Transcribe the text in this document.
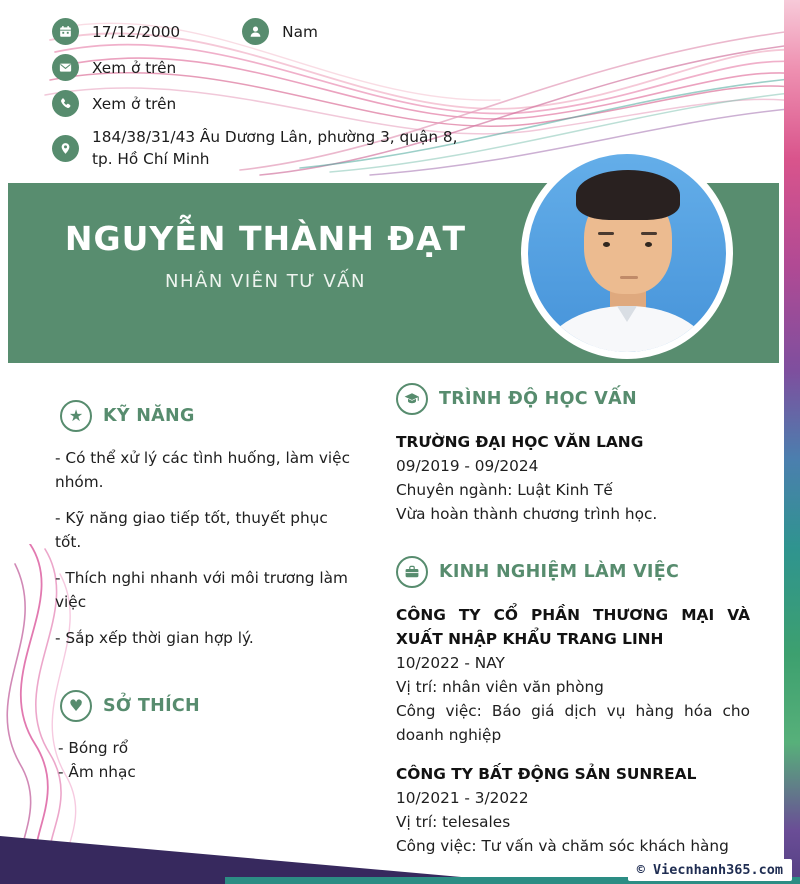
17/12/2000	Nam
Xem ở trên
Xem ở trên
184/38/31/43 Âu Dương Lân, phường 3, quận 8, tp. Hồ Chí Minh
NGUYỄN THÀNH ĐẠT
NHÂN VIÊN TƯ VẤN
★ KỸ NĂNG
- Có thể xử lý các tình huống, làm việc nhóm.
- Kỹ năng giao tiếp tốt, thuyết phục tốt.
- Thích nghi nhanh với môi trương làm việc
- Sắp xếp thời gian hợp lý.
♥ SỞ THÍCH
- Bóng rổ
- Âm nhạc
TRÌNH ĐỘ HỌC VẤN
TRƯỜNG ĐẠI HỌC VĂN LANG
09/2019 - 09/2024
Chuyên ngành: Luật Kinh Tế
Vừa hoàn thành chương trình học.
KINH NGHIỆM LÀM VIỆC
CÔNG TY CỔ PHẦN THƯƠNG MẠI VÀ XUẤT NHẬP KHẨU TRANG LINH
10/2022 - NAY
Vị trí: nhân viên văn phòng
Công việc: Báo giá dịch vụ hàng hóa cho doanh nghiệp
CÔNG TY BẤT ĐỘNG SẢN SUNREAL
10/2021 - 3/2022
Vị trí: telesales
Công việc: Tư vấn và chăm sóc khách hàng
© Viecnhanh365.com
